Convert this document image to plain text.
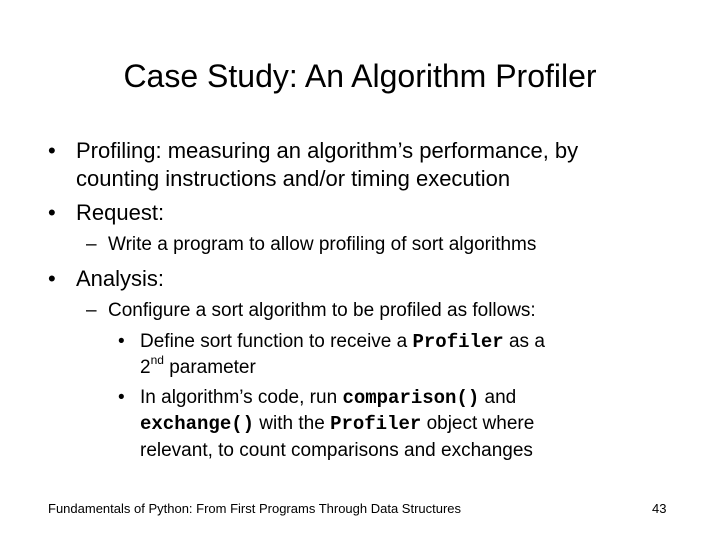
Case Study: An Algorithm Profiler
• Profiling: measuring an algorithm’s performance, by
counting instructions and/or timing execution
• Request:
– Write a program to allow profiling of sort algorithms
• Analysis:
– Configure a sort algorithm to be profiled as follows:
• Define sort function to receive a Profiler as a
2nd parameter
• In algorithm’s code, run comparison() and
exchange() with the Profiler object where
relevant, to count comparisons and exchanges
Fundamentals of Python: From First Programs Through Data Structures	43
